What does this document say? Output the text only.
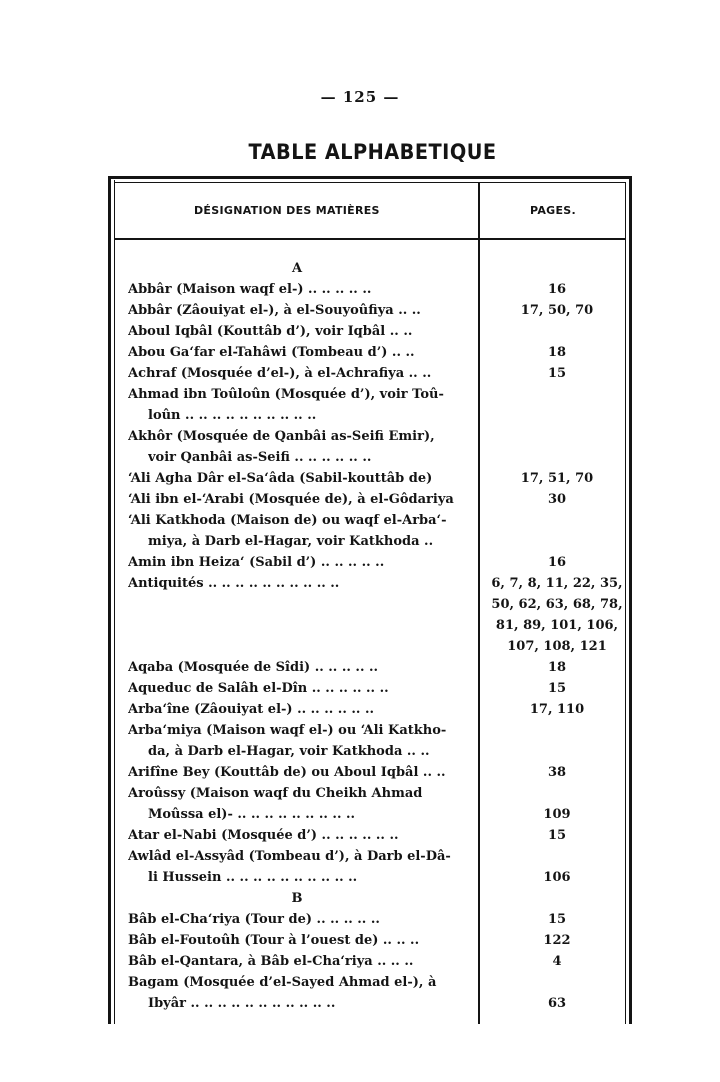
— 125 —
TABLE ALPHABETIQUE
DÉSIGNATION DES MATIÈRES	PAGES.
A
Abbâr (Maison waqf el-) .. .. .. .. ..	16
Abbâr (Zâouiyat el-), à el-Souyoûfiya .. ..	17, 50, 70
Aboul Iqbâl (Kouttâb d’), voir Iqbâl .. ..
Abou Ga‘far el-Tahâwi (Tombeau d’) .. ..	18
Achraf (Mosquée d’el-), à el-Achrafiya .. ..	15
Ahmad ibn Toûloûn (Mosquée d’), voir Toû-
loûn .. .. .. .. .. .. .. .. .. ..
Akhôr (Mosquée de Qanbâi as-Seifi Emir),
voir Qanbâi as-Seifi .. .. .. .. .. ..
‘Ali Agha Dâr el-Sa‘âda (Sabil-kouttâb de)	17, 51, 70
‘Ali ibn el-‘Arabi (Mosquée de), à el-Gôdariya	30
‘Ali Katkhoda (Maison de) ou waqf el-Arba‘-
miya, à Darb el-Hagar, voir Katkhoda ..
Amin ibn Heiza‘ (Sabil d’) .. .. .. .. ..	16
Antiquités .. .. .. .. .. .. .. .. .. ..	6, 7, 8, 11, 22, 35,
50, 62, 63, 68, 78,
81, 89, 101, 106,
107, 108, 121
Aqaba (Mosquée de Sîdi) .. .. .. .. ..	18
Aqueduc de Salâh el-Dîn .. .. .. .. .. ..	15
Arba‘îne (Zâouiyat el-) .. .. .. .. .. ..	17, 110
Arba‘miya (Maison waqf el-) ou ‘Ali Katkho-
da, à Darb el-Hagar, voir Katkhoda .. ..
Arifîne Bey (Kouttâb de) ou Aboul Iqbâl .. ..	38
Aroûssy (Maison waqf du Cheikh Ahmad
Moûssa el)- .. .. .. .. .. .. .. .. ..	109
Atar el-Nabi (Mosquée d’) .. .. .. .. .. ..	15
Awlâd el-Assyâd (Tombeau d’), à Darb el-Dâ-
li Hussein .. .. .. .. .. .. .. .. .. ..	106
B
Bâb el-Cha‘riya (Tour de) .. .. .. .. ..	15
Bâb el-Foutoûh (Tour à l’ouest de) .. .. ..	122
Bâb el-Qantara, à Bâb el-Cha‘riya .. .. ..	4
Bagam (Mosquée d’el-Sayed Ahmad el-), à
Ibyâr .. .. .. .. .. .. .. .. .. .. ..	63
